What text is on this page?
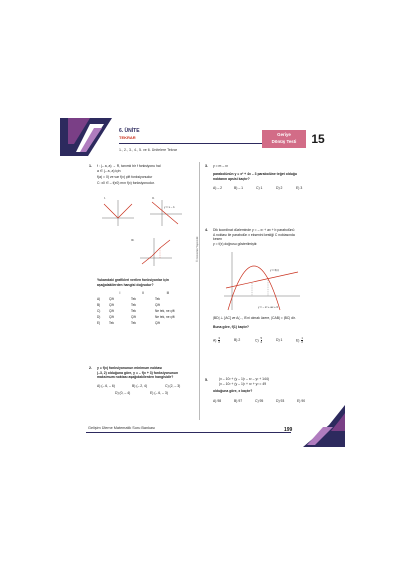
6. ÜNİTE
TEKRAR
1., 2., 3., 4., 5. ve 6. Ünitelere Tekrar
Geriye
Dönüş Testi	15
© Cezveren Yayıncılık
1. f : (– a, a) → R, tanımlı bir f fonksiyonu hal
a ∈ (– a, a) için
f(a) = 0) ve var f(x) çift fonksiyonudur
C: x0 ∈ – f(x0) mın f(x) fonksiyonudur.
I.	II.
y = x – 1
III.
Yukarıdaki grafikleri verilen fonksiyonlar için
aşağıdakilerden hangisi doğrudur?
	I	II	III
A)	Çift	Tek	Tek
B)	Çift	Tek	Çift
C)	Çift	Tek	Ne tek, ne çift
D)	Çift	Çift	Ne tek, ne çift
E)	Tek	Tek	Çift
2. y = f(x) fonksiyonunun minimum noktası
(–3, 2) olduğuna göre, y = – f(x + 3) fonksiyonunun
maksimum noktası aşağıdakilerden hangisidir?
A) (– 6, – 6)	B) (– 2, 4)	C) (2, – 3)
D) (0, – 4)	E) (– 6, – 3)
3. y = m – x²
parabolünün y = x² + 4x – 3 parabolüne teğet olduğu
noktanın apsisi kaçtır?
A) – 2	B) – 1	C) 1	D) 2	E) 3
4. Dik koordinat düzleminde y = – x² + ax + b parabolünü
A noktası ile parabolün x eksenini kestiği C noktasında
kesen
y = f(x) doğrusu gösterilmiştir.
y = f(x)
y = – x² + ax + b
|BD| ⊥ [AC] ve A(..., B'ni olmak üzere, |CAB| = |BC| dir.
Buna göre, f(1) kaçtır?
$A) \frac{3}{2}$	B) 2	$C) \frac{5}{2}$	D) 1	$E) \frac{1}{2}$
5.	(x – 10² + (y – 1)² – x² – y² + 144)
(x – 10² + (y – 1)² + x² + y² = 49
olduğuna göre, x kaçtır?
A) 98	B) 97	C) 95	D) 93	E) 90
Gelişim Üleme Matematik Soru Bankası	199
